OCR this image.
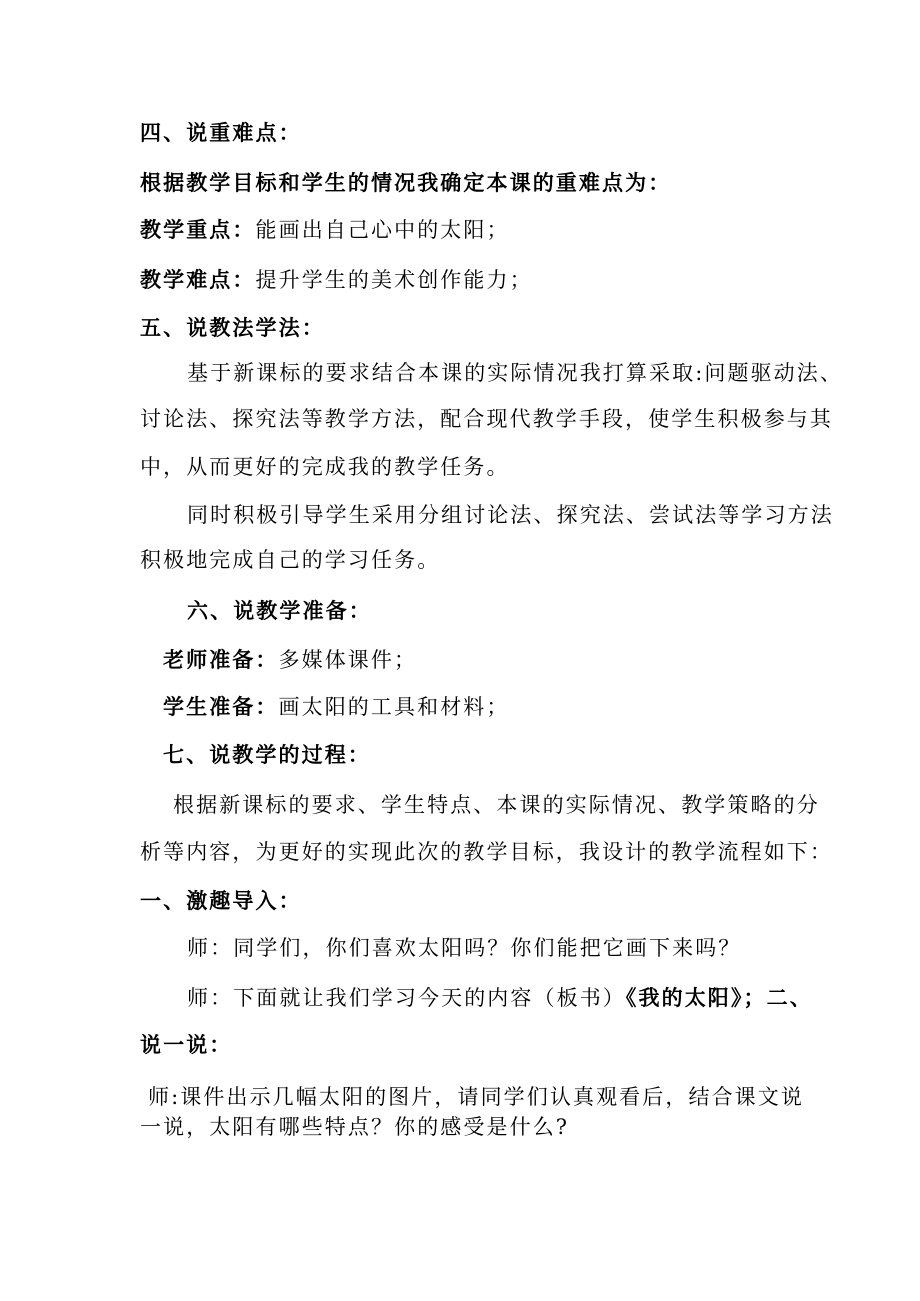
四、说重难点：
根据教学目标和学生的情况我确定本课的重难点为：
教学重点：能画出自己心中的太阳；
教学难点：提升学生的美术创作能力；
五、说教法学法：
基于新课标的要求结合本课的实际情况我打算采取:问题驱动法、
讨论法、探究法等教学方法，配合现代教学手段，使学生积极参与其
中，从而更好的完成我的教学任务。
同时积极引导学生采用分组讨论法、探究法、尝试法等学习方法
积极地完成自己的学习任务。
六、说教学准备：
老师准备：多媒体课件；
学生准备：画太阳的工具和材料；
七、说教学的过程：
根据新课标的要求、学生特点、本课的实际情况、教学策略的分
析等内容，为更好的实现此次的教学目标，我设计的教学流程如下：
一、激趣导入：
师：同学们，你们喜欢太阳吗？你们能把它画下来吗？
师：下面就让我们学习今天的内容（板书）《我的太阳》；二、
说一说：
师:课件出示几幅太阳的图片，请同学们认真观看后，结合课文说
一说，太阳有哪些特点？你的感受是什么?
